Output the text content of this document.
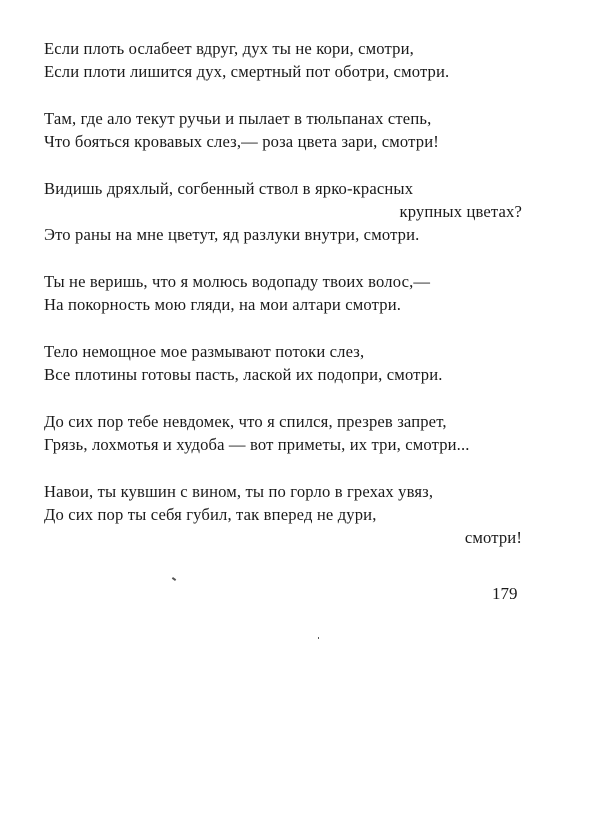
Если плоть ослабеет вдруг, дух ты не кори, смотри,
Если плоти лишится дух, смертный пот оботри, смотри.
Там, где ало текут ручьи и пылает в тюльпанах степь,
Что бояться кровавых слез,— роза цвета зари, смотри!
Видишь дряхлый, согбенный ствол в ярко-красных
крупных цветах?
Это раны на мне цветут, яд разлуки внутри, смотри.
Ты не веришь, что я молюсь водопаду твоих волос,—
На покорность мою гляди, на мои алтари смотри.
Тело немощное мое размывают потоки слез,
Все плотины готовы пасть, лаской их подопри, смотри.
До сих пор тебе невдомек, что я спился, презрев запрет,
Грязь, лохмотья и худоба — вот приметы, их три, смотри...
Навои, ты кувшин с вином, ты по горло в грехах увяз,
До сих пор ты себя губил, так вперед не дури,
смотри!
179
